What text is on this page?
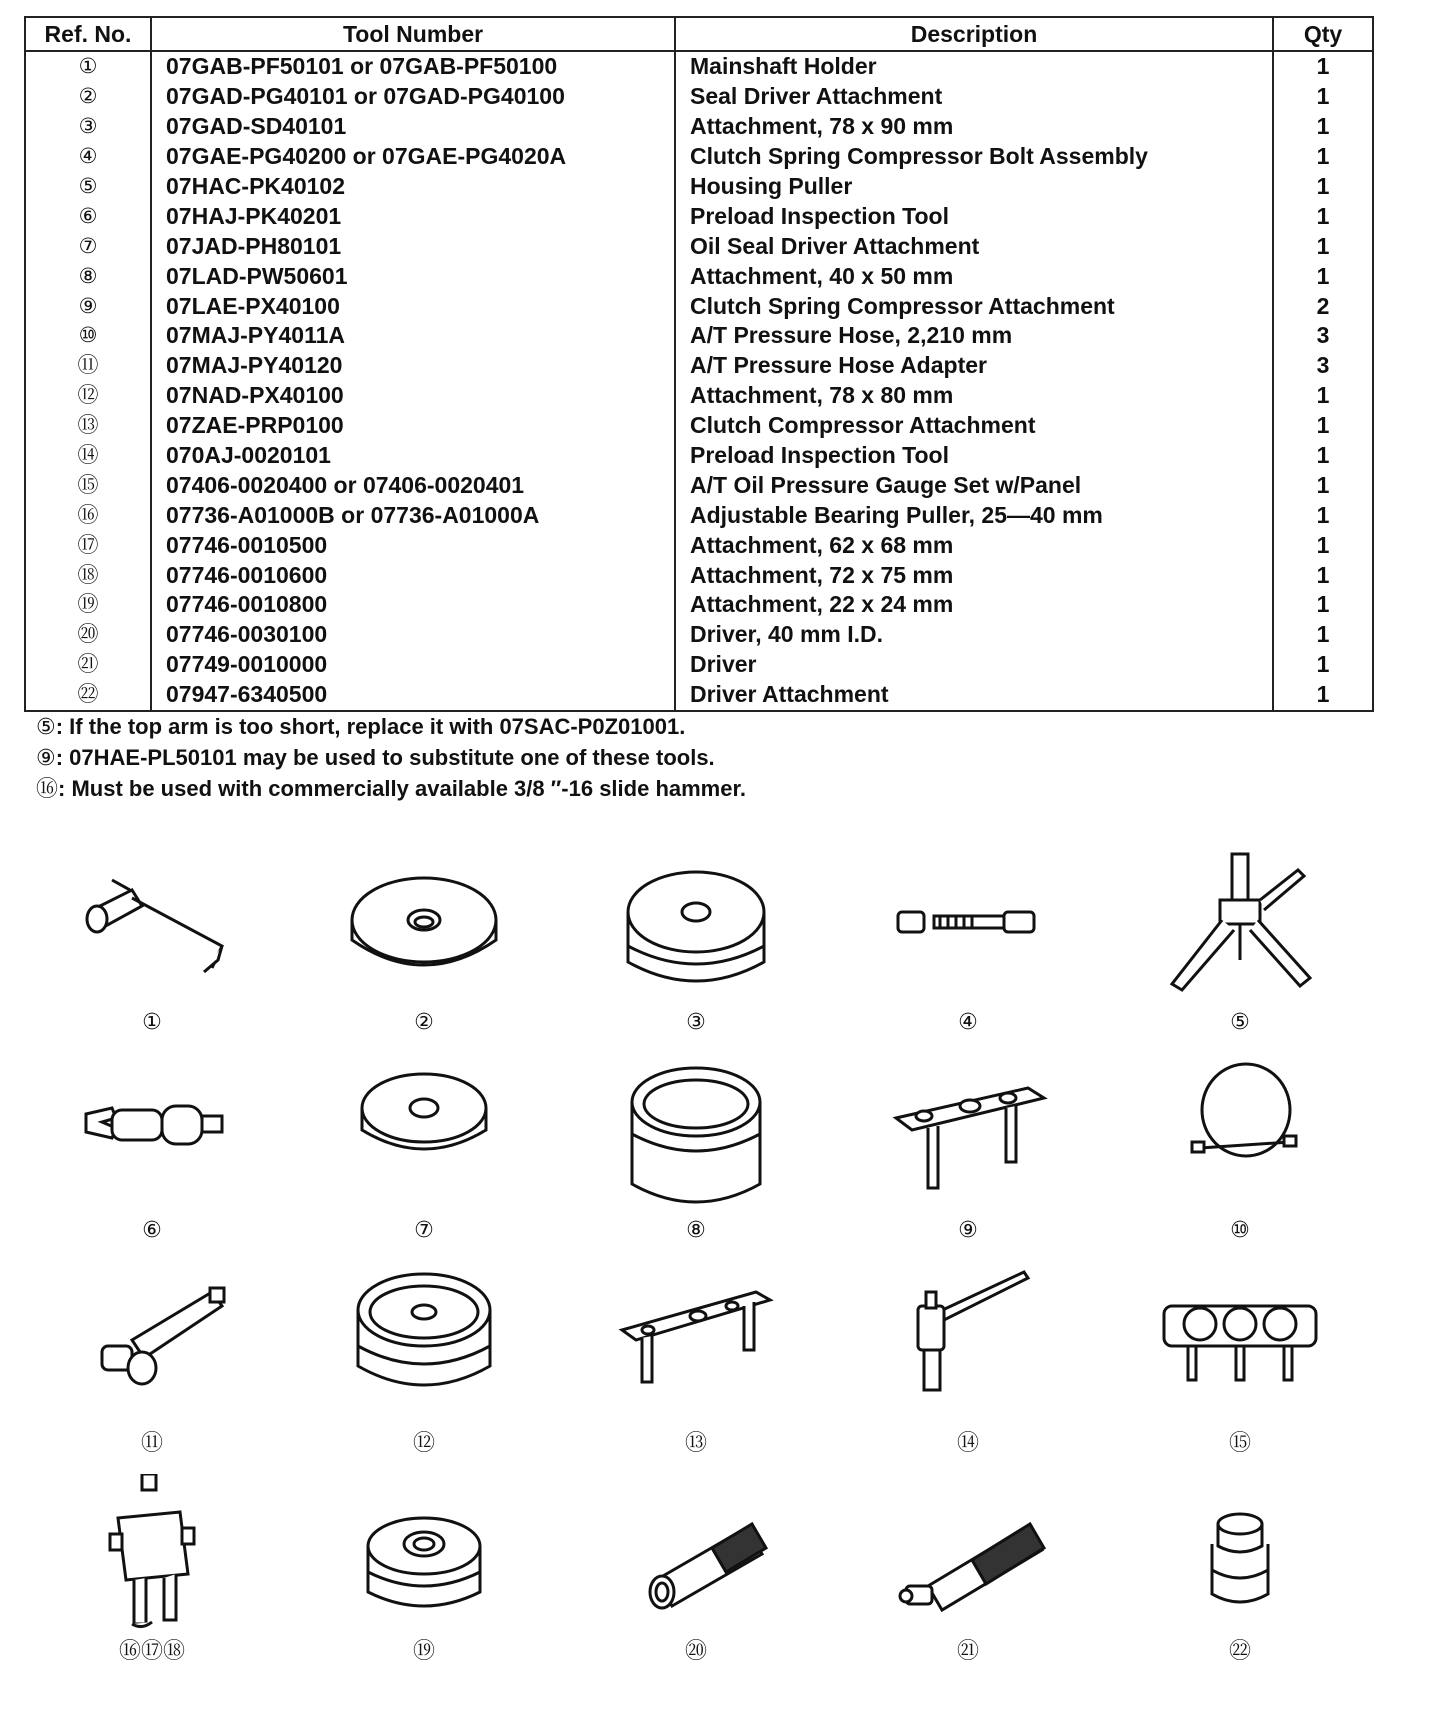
Ref. No.	Tool Number	Description	Qty
①	07GAB-PF50101 or 07GAB-PF50100	Mainshaft Holder	1
②	07GAD-PG40101 or 07GAD-PG40100	Seal Driver Attachment	1
③	07GAD-SD40101	Attachment, 78 x 90 mm	1
④	07GAE-PG40200 or 07GAE-PG4020A	Clutch Spring Compressor Bolt Assembly	1
⑤	07HAC-PK40102	Housing Puller	1
⑥	07HAJ-PK40201	Preload Inspection Tool	1
⑦	07JAD-PH80101	Oil Seal Driver Attachment	1
⑧	07LAD-PW50601	Attachment, 40 x 50 mm	1
⑨	07LAE-PX40100	Clutch Spring Compressor Attachment	2
⑩	07MAJ-PY4011A	A/T Pressure Hose, 2,210 mm	3
⑪	07MAJ-PY40120	A/T Pressure Hose Adapter	3
⑫	07NAD-PX40100	Attachment, 78 x 80 mm	1
⑬	07ZAE-PRP0100	Clutch Compressor Attachment	1
⑭	070AJ-0020101	Preload Inspection Tool	1
⑮	07406-0020400 or 07406-0020401	A/T Oil Pressure Gauge Set w/Panel	1
⑯	07736-A01000B or 07736-A01000A	Adjustable Bearing Puller, 25—40 mm	1
⑰	07746-0010500	Attachment, 62 x 68 mm	1
⑱	07746-0010600	Attachment, 72 x 75 mm	1
⑲	07746-0010800	Attachment, 22 x 24 mm	1
⑳	07746-0030100	Driver, 40 mm I.D.	1
㉑	07749-0010000	Driver	1
㉒	07947-6340500	Driver Attachment	1
⑤: If the top arm is too short, replace it with 07SAC-P0Z01001.
⑨: 07HAE-PL50101 may be used to substitute one of these tools.
⑯: Must be used with commercially available 3/8 ″-16 slide hammer.
①	②	③	④	⑤
⑥	⑦	⑧	⑨	⑩
⑪	⑫	⑬	⑭	⑮
⑯⑰⑱	⑲	⑳	㉑	㉒
